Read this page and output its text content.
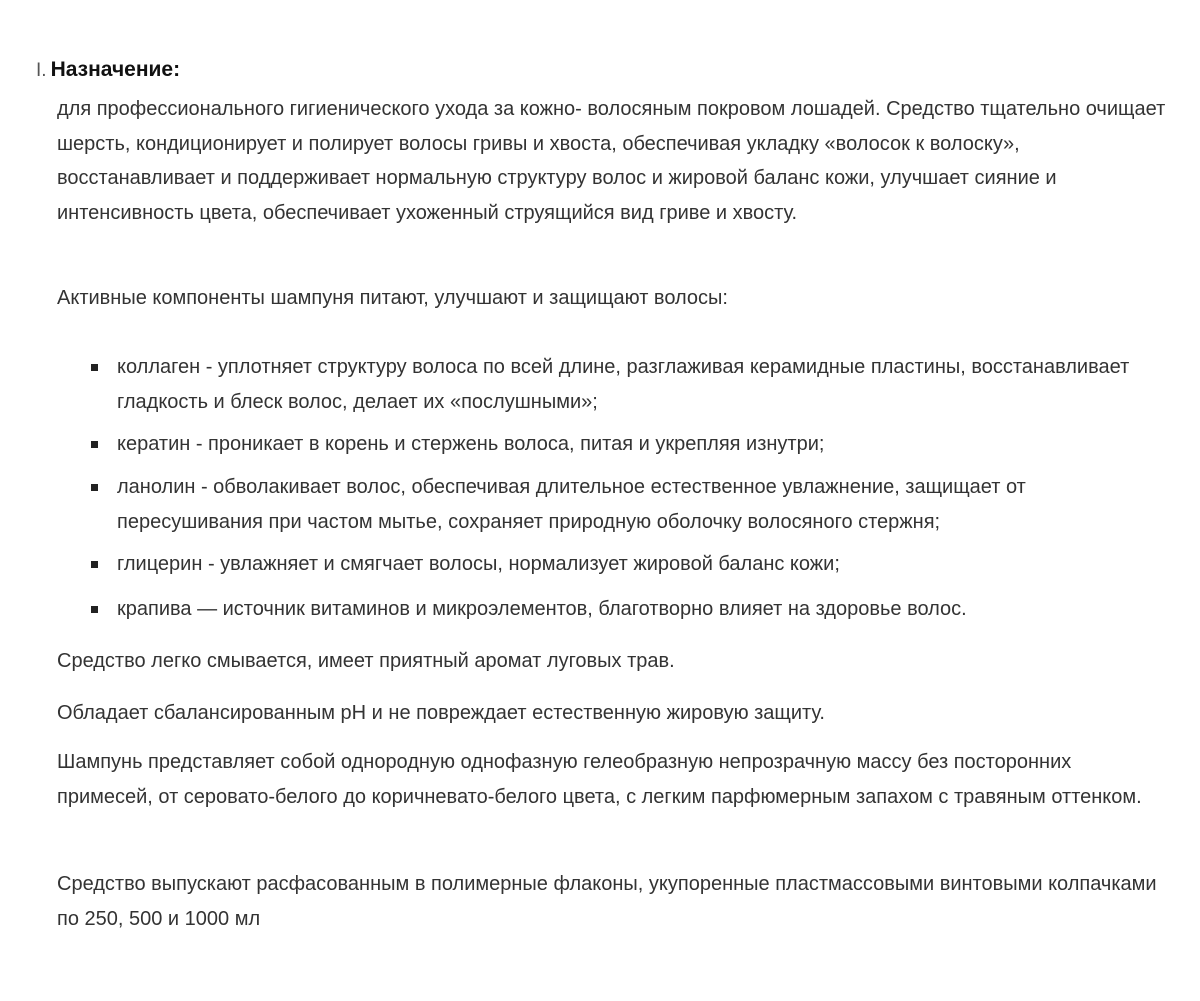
I. Назначение:

для профессионального гигиенического ухода за кожно- волосяным покровом лошадей. Средство тщательно очищает шерсть, кондиционирует и полирует волосы гривы и хвоста, обеспечивая укладку «волосок к волоску», восстанавливает и поддерживает нормальную структуру волос и жировой баланс кожи, улучшает сияние и интенсивность цвета, обеспечивает ухоженный струящийся вид гриве и хвосту.

Активные компоненты шампуня питают, улучшают и защищают волосы:

коллаген - уплотняет структуру волоса по всей длине, разглаживая керамидные пластины, восстанавливает гладкость и блеск волос, делает их «послушными»;
кератин - проникает в корень и стержень волоса, питая и укрепляя изнутри;
ланолин - обволакивает волос, обеспечивая длительное естественное увлажнение, защищает от пересушивания при частом мытье, сохраняет природную оболочку волосяного стержня;
глицерин - увлажняет и смягчает волосы, нормализует жировой баланс кожи;
крапива — источник витаминов и микроэлементов, благотворно влияет на здоровье волос.

Средство легко смывается, имеет приятный аромат луговых трав.

Обладает сбалансированным pH и не повреждает естественную жировую защиту.

Шампунь представляет собой однородную однофазную гелеобразную непрозрачную массу без посторонних примесей, от серовато-белого до коричневато-белого цвета, с легким парфюмерным запахом с травяным оттенком.

Средство выпускают расфасованным в полимерные флаконы, укупоренные пластмассовыми винтовыми колпачками по 250, 500 и 1000 мл
